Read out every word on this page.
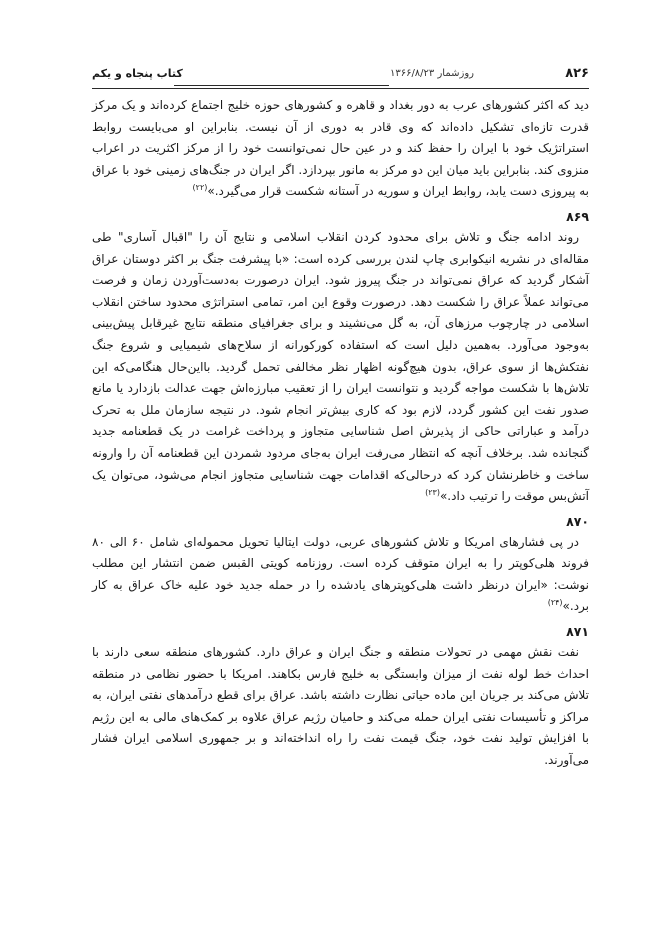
۸۲۶
روزشمار ۱۳۶۶/۸/۲۳
کتاب پنجاه و یکم

دید که اکثر کشورهای عرب به دور بغداد و قاهره و کشورهای حوزه خلیج اجتماع کرده‌اند و یک مرکز قدرت تازه‌ای تشکیل داده‌اند که وی قادر به دوری از آن نیست. بنابراین او می‌بایست روابط استراتژیک خود با ایران را حفظ کند و در عین حال نمی‌توانست خود را از مرکز اکثریت در اعراب منزوی کند. بنابراین باید میان این دو مرکز به مانور بپردازد. اگر ایران در جنگ‌های زمینی خود با عراق به پیروزی دست یابد، روابط ایران و سوریه در آستانه شکست قرار می‌گیرد.»$^{(۲۲)}$

۸۶۹

روند ادامه جنگ و تلاش برای محدود کردن انقلاب اسلامی و نتایج آن را "اقبال آساری" طی مقاله‌ای در نشریه انیکوابری چاپ لندن بررسی کرده است: «با پیشرفت جنگ بر اکثر دوستان عراق آشکار گردید که عراق نمی‌تواند در جنگ پیروز شود. ایران درصورت به‌دست‌آوردن زمان و فرصت می‌تواند عملاً عراق را شکست دهد. درصورت وقوع این امر، تمامی استراتژی محدود ساختن انقلاب اسلامی در چارچوب مرزهای آن، به گل می‌نشیند و برای جغرافیای منطقه نتایج غیرقابل پیش‌بینی به‌وجود می‌آورد. به‌همین دلیل است که استفاده کورکورانه از سلاح‌های شیمیایی و شروع جنگ نفتکش‌ها از سوی عراق، بدون هیچ‌گونه اظهار نظر مخالفی تحمل گردید. بااین‌حال هنگامی‌که این تلاش‌ها با شکست مواجه گردید و نتوانست ایران را از تعقیب مبارزه‌اش جهت عدالت بازدارد یا مانع صدور نفت این کشور گردد، لازم بود که کاری بیش‌تر انجام شود. در نتیجه سازمان ملل به تحرک درآمد و عباراتی حاکی از پذیرش اصل شناسایی متجاوز و پرداخت غرامت در یک قطعنامه جدید گنجانده شد. برخلاف آنچه که انتظار می‌رفت ایران به‌جای مردود شمردن این قطعنامه آن را وارونه ساخت و خاطرنشان کرد که درحالی‌که اقدامات جهت شناسایی متجاوز انجام می‌شود، می‌توان یک آتش‌بس موقت را ترتیب داد.»$^{(۲۳)}$

۸۷۰

در پی فشارهای امریکا و تلاش کشورهای عربی، دولت ایتالیا تحویل محموله‌ای شامل ۶۰ الی ۸۰ فروند هلی‌کوپتر را به ایران متوقف کرده است. روزنامه کویتی القبس ضمن انتشار این مطلب نوشت: «ایران درنظر داشت هلی‌کوپترهای یادشده را در حمله جدید خود علیه خاک عراق به کار برد.»$^{(۲۴)}$

۸۷۱

نفت نقش مهمی در تحولات منطقه و جنگ ایران و عراق دارد. کشورهای منطقه سعی دارند با احداث خط لوله نفت از میزان وابستگی به خلیج فارس بکاهند. امریکا با حضور نظامی در منطقه تلاش می‌کند بر جریان این ماده حیاتی نظارت داشته باشد. عراق برای قطع درآمدهای نفتی ایران، به مراکز و تأسیسات نفتی ایران حمله می‌کند و حامیان رژیم عراق علاوه بر کمک‌های مالی به این رژیم با افزایش تولید نفت خود، جنگ قیمت نفت را راه انداخته‌اند و بر جمهوری اسلامی ایران فشار می‌آورند.
